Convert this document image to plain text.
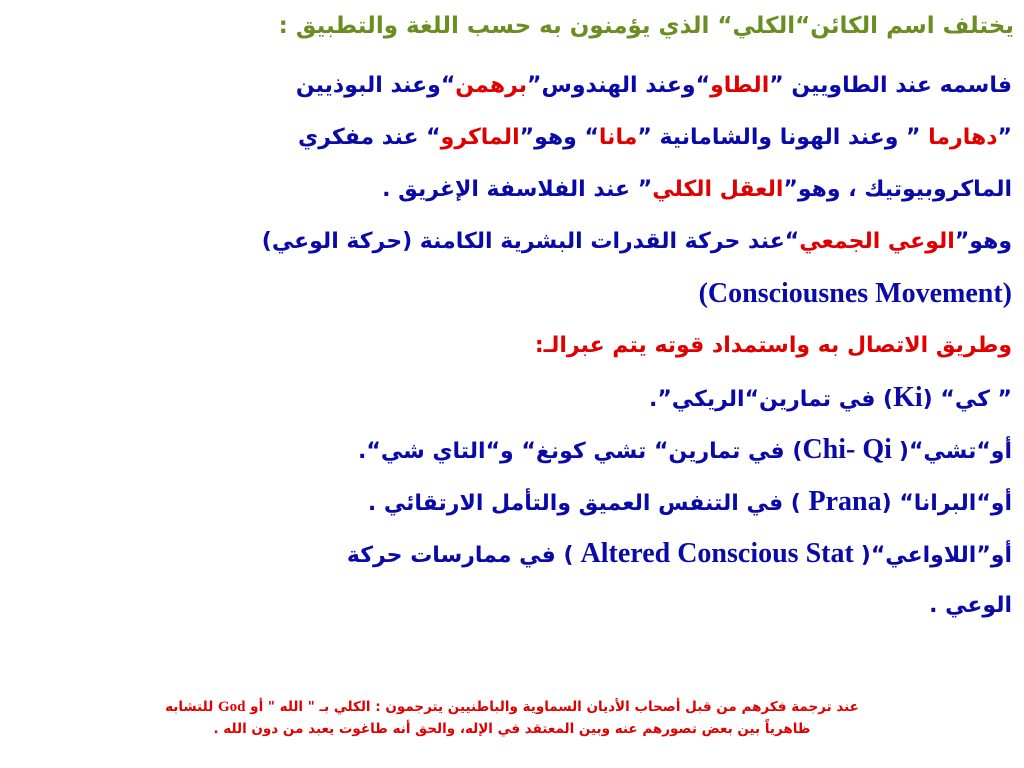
يختلف اسم الكائن“الكلي“ الذي يؤمنون به حسب اللغة والتطبيق :
فاسمه عند الطاويين ”الطاو“وعند الهندوس”برهمن“وعند البوذيين
”دهارما ” وعند الهونا والشامانية ”مانا“ وهو”الماكرو“ عند مفكري
الماكروبيوتيك ، وهو”العقل الكلي” عند الفلاسفة الإغريق .
وهو”الوعي الجمعي“عند حركة القدرات البشرية الكامنة (حركة الوعي)
(Consciousnes Movement)
وطريق الاتصال به واستمداد قوته يتم عبرالـ:
” كي“ (Ki) في تمارين“الريكي”.
أو“تشي“( Chi- Qi) في تمارين“ تشي كونغ“ و“التاي شي“.
أو“البرانا“ (Prana ) في التنفس العميق والتأمل الارتقائي .
أو”اللاواعي“( Altered Conscious Stat ) في ممارسات حركة
الوعي .
عند ترجمة فكرهم من قبل أصحاب الأديان السماوية والباطنيين يترجمون : الكلي بـ " الله " أو God للتشابه
ظاهرياً بين بعض تصورهم عنه وبين المعتقد في الإله، والحق أنه طاغوت يعبد من دون الله .
